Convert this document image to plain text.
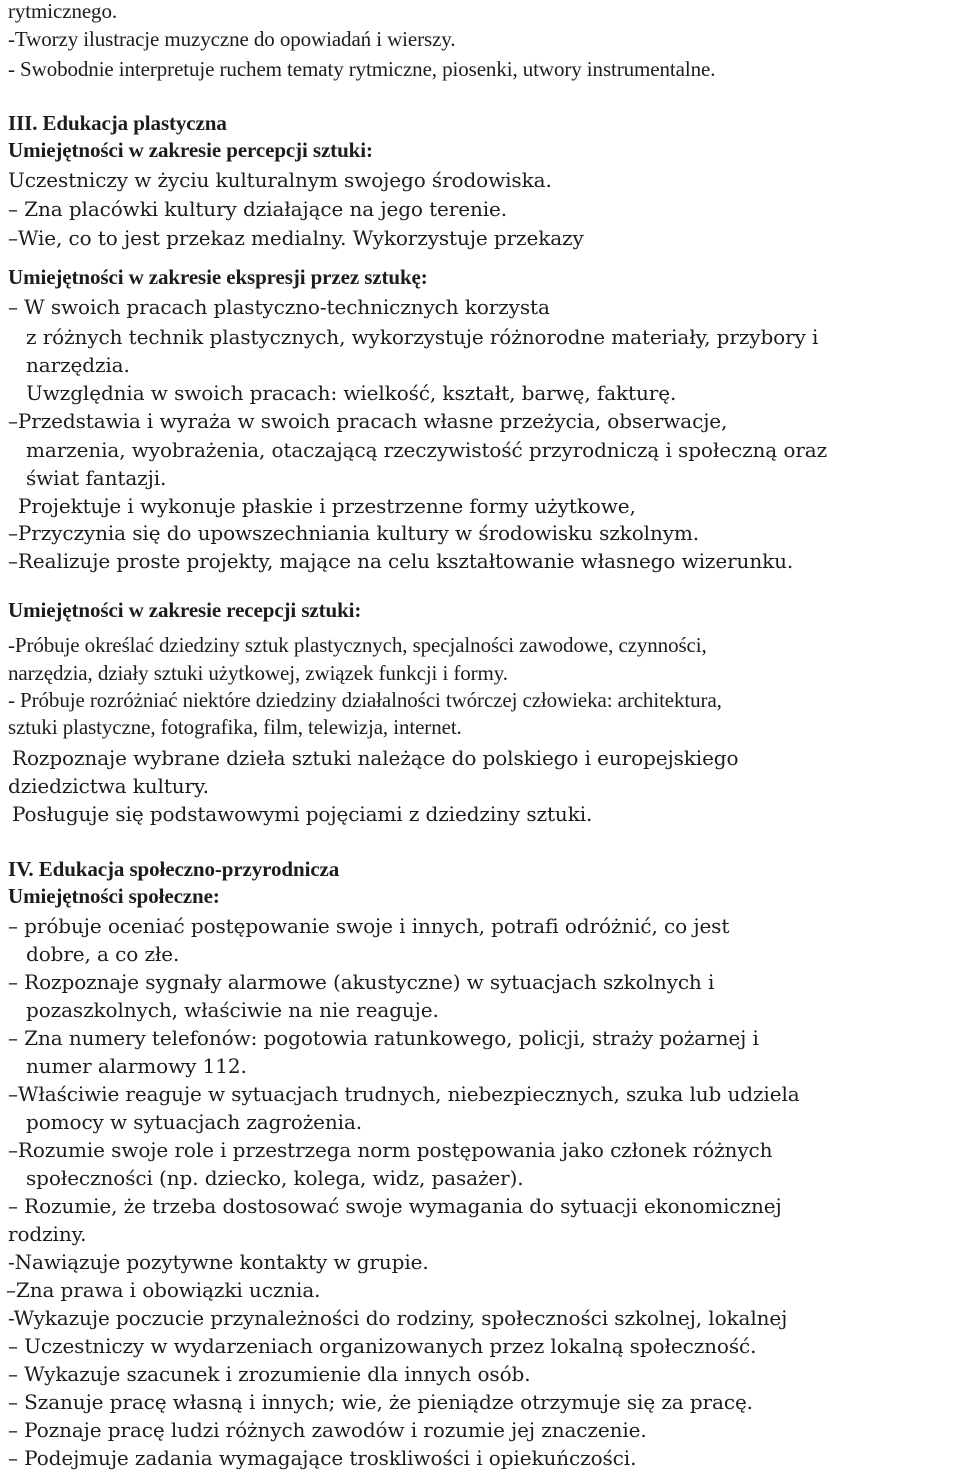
rytmicznego.
-Tworzy ilustracje muzyczne do opowiadań i wierszy.
- Swobodnie interpretuje ruchem tematy rytmiczne, piosenki, utwory instrumentalne.
III. Edukacja plastyczna
Umiejętności w zakresie percepcji sztuki:
Uczestniczy w życiu kulturalnym swojego środowiska.
– Zna placówki kultury działające na jego terenie.
–Wie, co to jest przekaz medialny. Wykorzystuje przekazy
Umiejętności w zakresie ekspresji przez sztukę:
– W swoich pracach plastyczno-technicznych korzysta
z różnych technik plastycznych, wykorzystuje różnorodne materiały, przybory i
narzędzia.
Uwzględnia w swoich pracach: wielkość, kształt, barwę, fakturę.
–Przedstawia i wyraża w swoich pracach własne przeżycia, obserwacje,
marzenia, wyobrażenia, otaczającą rzeczywistość przyrodniczą i społeczną oraz
świat fantazji.
Projektuje i wykonuje płaskie i przestrzenne formy użytkowe,
–Przyczynia się do upowszechniania kultury w środowisku szkolnym.
–Realizuje proste projekty, mające na celu kształtowanie własnego wizerunku.
Umiejętności w zakresie recepcji sztuki:
-Próbuje określać dziedziny sztuk plastycznych, specjalności zawodowe, czynności,
narzędzia, działy sztuki użytkowej, związek funkcji i formy.
- Próbuje rozróżniać niektóre dziedziny działalności twórczej człowieka: architektura,
sztuki plastyczne, fotografika, film, telewizja, internet.
Rozpoznaje wybrane dzieła sztuki należące do polskiego i europejskiego
dziedzictwa kultury.
Posługuje się podstawowymi pojęciami z dziedziny sztuki.
IV. Edukacja społeczno-przyrodnicza
Umiejętności społeczne:
– próbuje oceniać postępowanie swoje i innych, potrafi odróżnić, co jest
dobre, a co złe.
– Rozpoznaje sygnały alarmowe (akustyczne) w sytuacjach szkolnych i
pozaszkolnych, właściwie na nie reaguje.
– Zna numery telefonów: pogotowia ratunkowego, policji, straży pożarnej i
numer alarmowy 112.
–Właściwie reaguje w sytuacjach trudnych, niebezpiecznych, szuka lub udziela
pomocy w sytuacjach zagrożenia.
–Rozumie swoje role i przestrzega norm postępowania jako członek różnych
społeczności (np. dziecko, kolega, widz, pasażer).
– Rozumie, że trzeba dostosować swoje wymagania do sytuacji ekonomicznej
rodziny.
-Nawiązuje pozytywne kontakty w grupie.
–Zna prawa i obowiązki ucznia.
-Wykazuje poczucie przynależności do rodziny, społeczności szkolnej, lokalnej
– Uczestniczy w wydarzeniach organizowanych przez lokalną społeczność.
– Wykazuje szacunek i zrozumienie dla innych osób.
– Szanuje pracę własną i innych; wie, że pieniądze otrzymuje się za pracę.
– Poznaje pracę ludzi różnych zawodów i rozumie jej znaczenie.
– Podejmuje zadania wymagające troskliwości i opiekuńczości.
